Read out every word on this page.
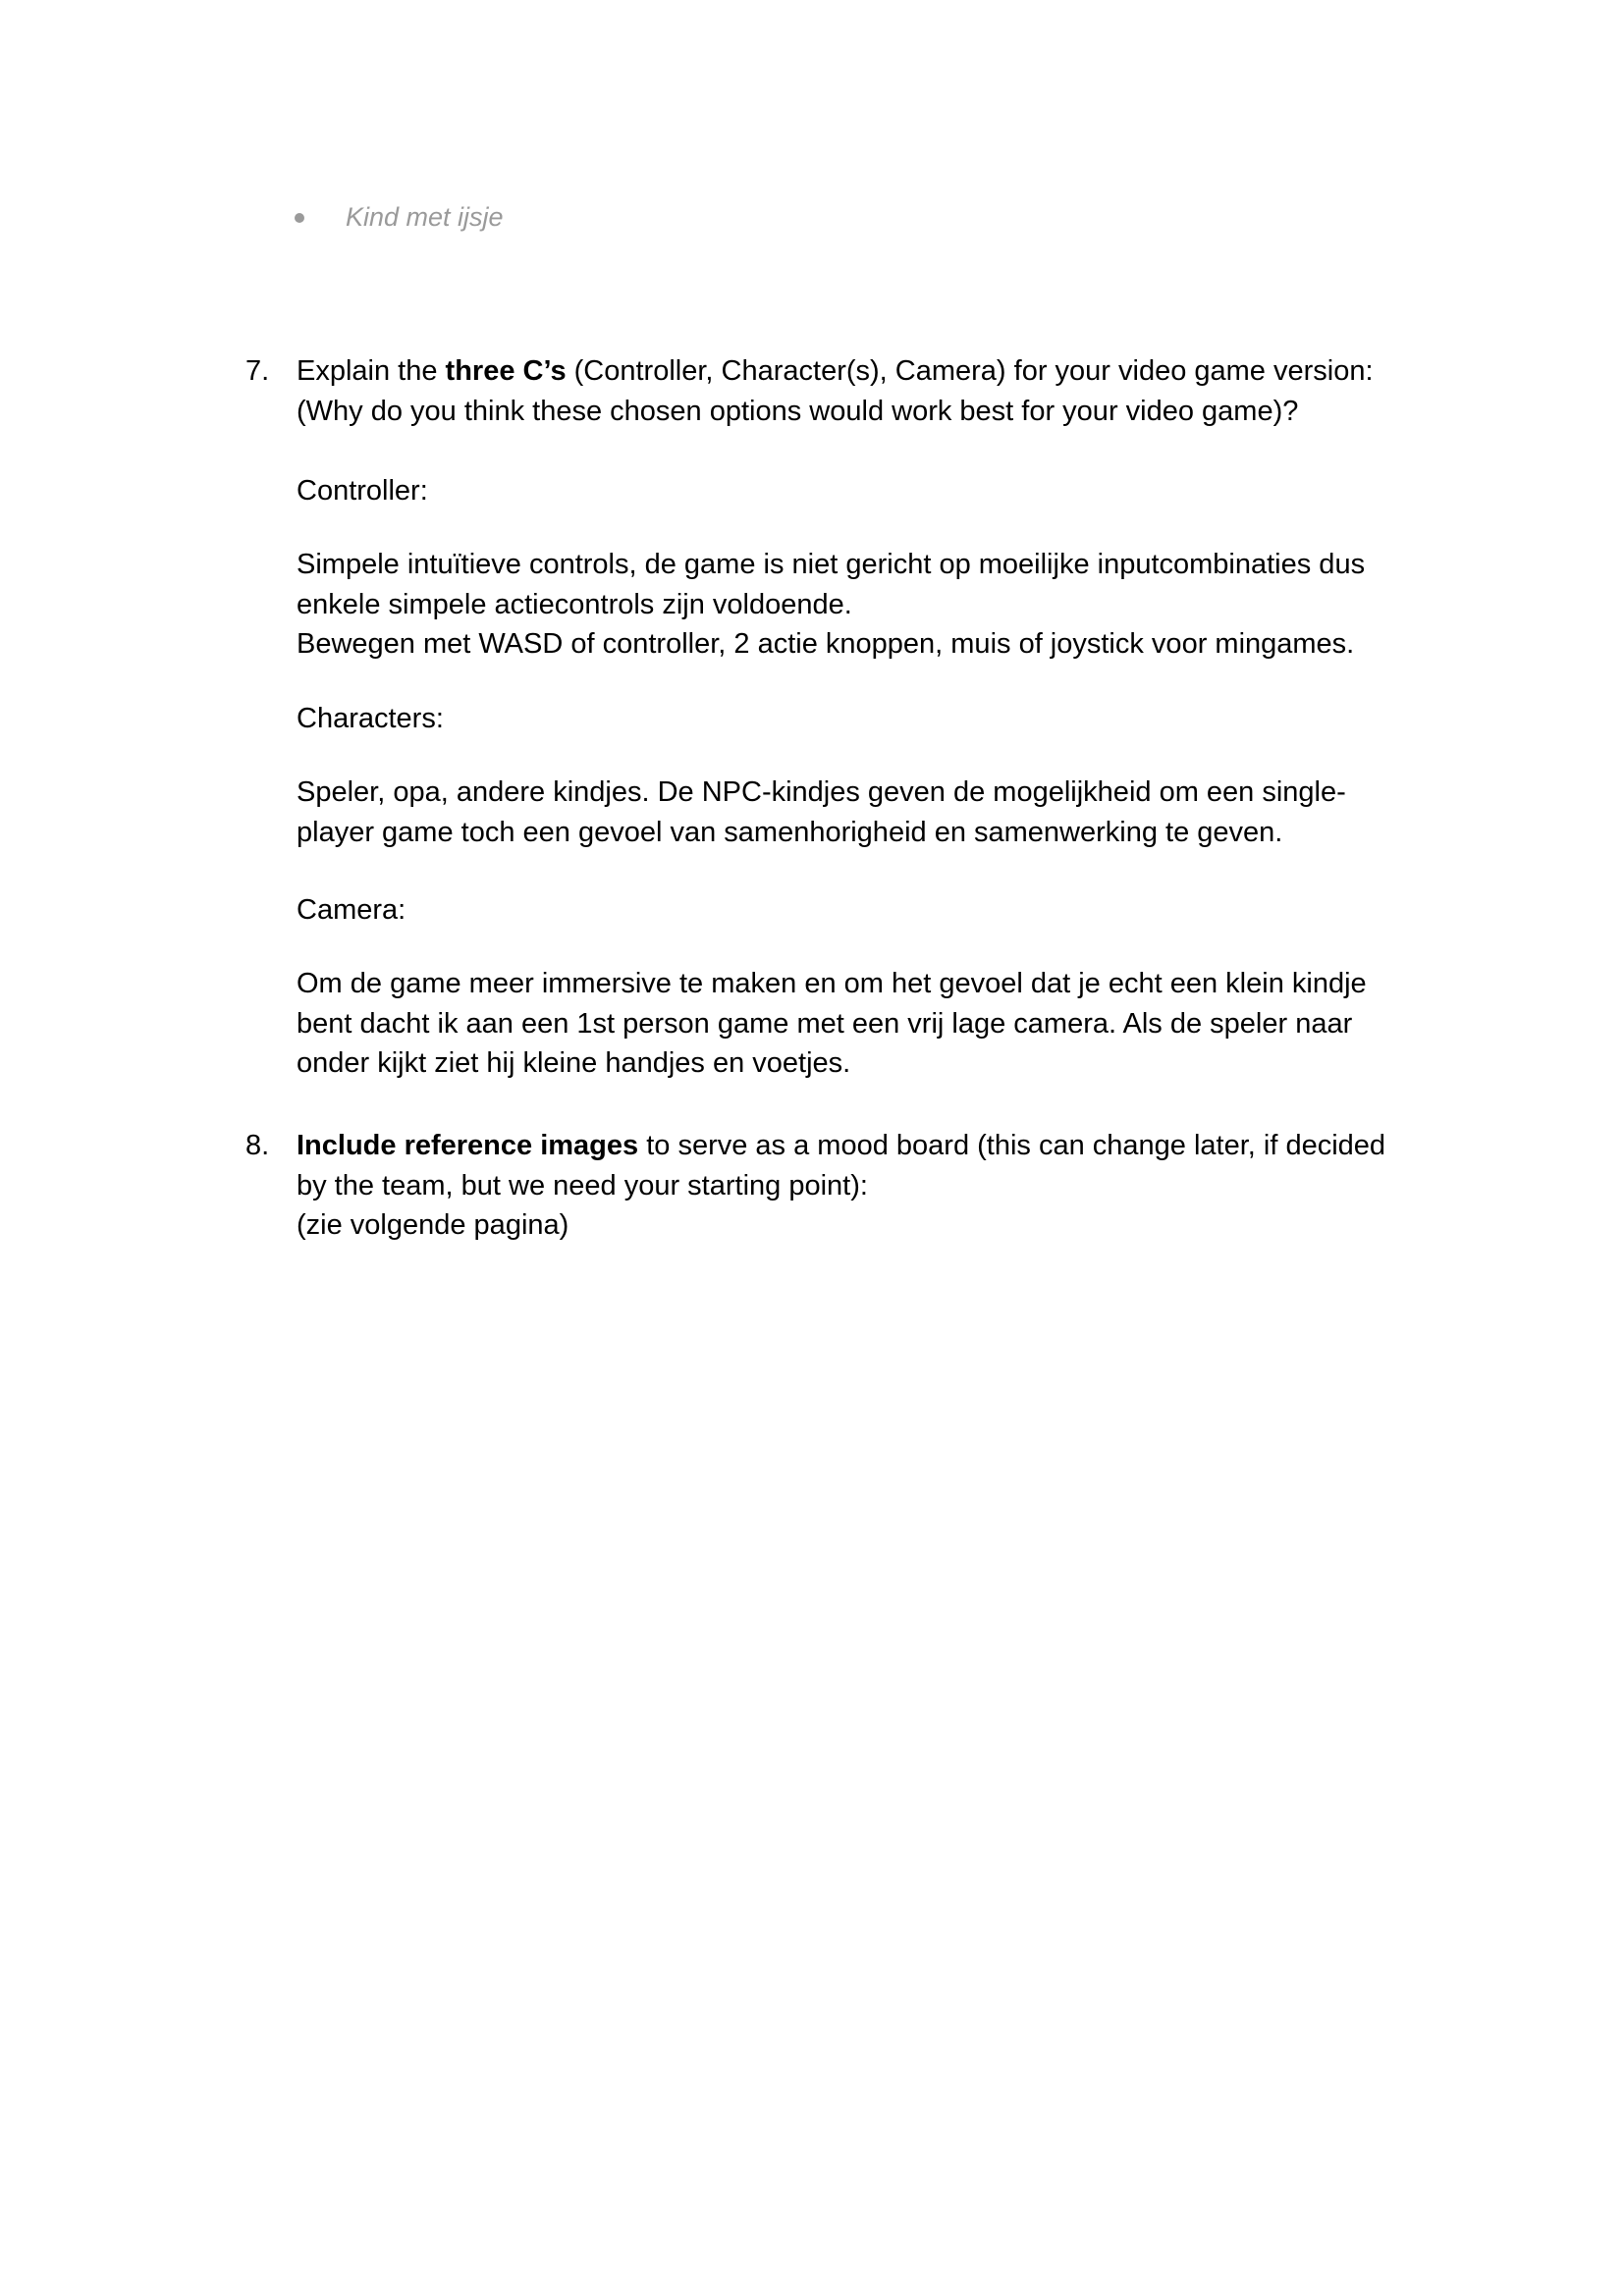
Kind met ijsje
7. Explain the three C’s (Controller, Character(s), Camera) for your video game version:
(Why do you think these chosen options would work best for your video game)?
Controller:
Simpele intuïtieve controls, de game is niet gericht op moeilijke inputcombinaties dus
enkele simpele actiecontrols zijn voldoende.
Bewegen met WASD of controller, 2 actie knoppen, muis of joystick voor mingames.
Characters:
Speler, opa, andere kindjes. De NPC-kindjes geven de mogelijkheid om een single-
player game toch een gevoel van samenhorigheid en samenwerking te geven.
Camera:
Om de game meer immersive te maken en om het gevoel dat je echt een klein kindje
bent dacht ik aan een 1st person game met een vrij lage camera. Als de speler naar
onder kijkt ziet hij kleine handjes en voetjes.
8. Include reference images to serve as a mood board (this can change later, if decided
by the team, but we need your starting point):
(zie volgende pagina)
